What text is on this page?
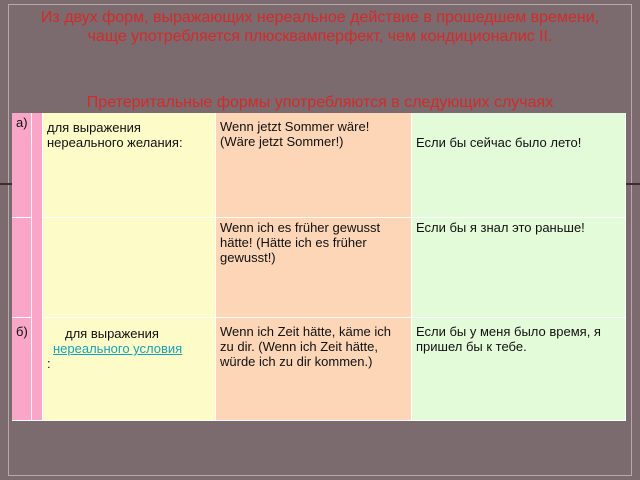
Из двух форм, выражающих нереальное действие в прошедшем времени, чаще употребляется плюсквамперфект, чем кондиционалис II.
Претеритальные формы употребляются в следующих случаях
а)
б)
для выражения нереального желания:
для выражения
нереального условия
:
Wenn jetzt Sommer wäre! (Wäre jetzt Sommer!)
Wenn ich es früher gewusst hätte! (Hätte ich es früher gewusst!)
Wenn ich Zeit hätte, käme ich zu dir. (Wenn ich Zeit hätte, würde ich zu dir kommen.)
Если бы сейчас было лето!
Если бы я знал это раньше!
Если бы у меня было время, я пришел бы к тебе.
